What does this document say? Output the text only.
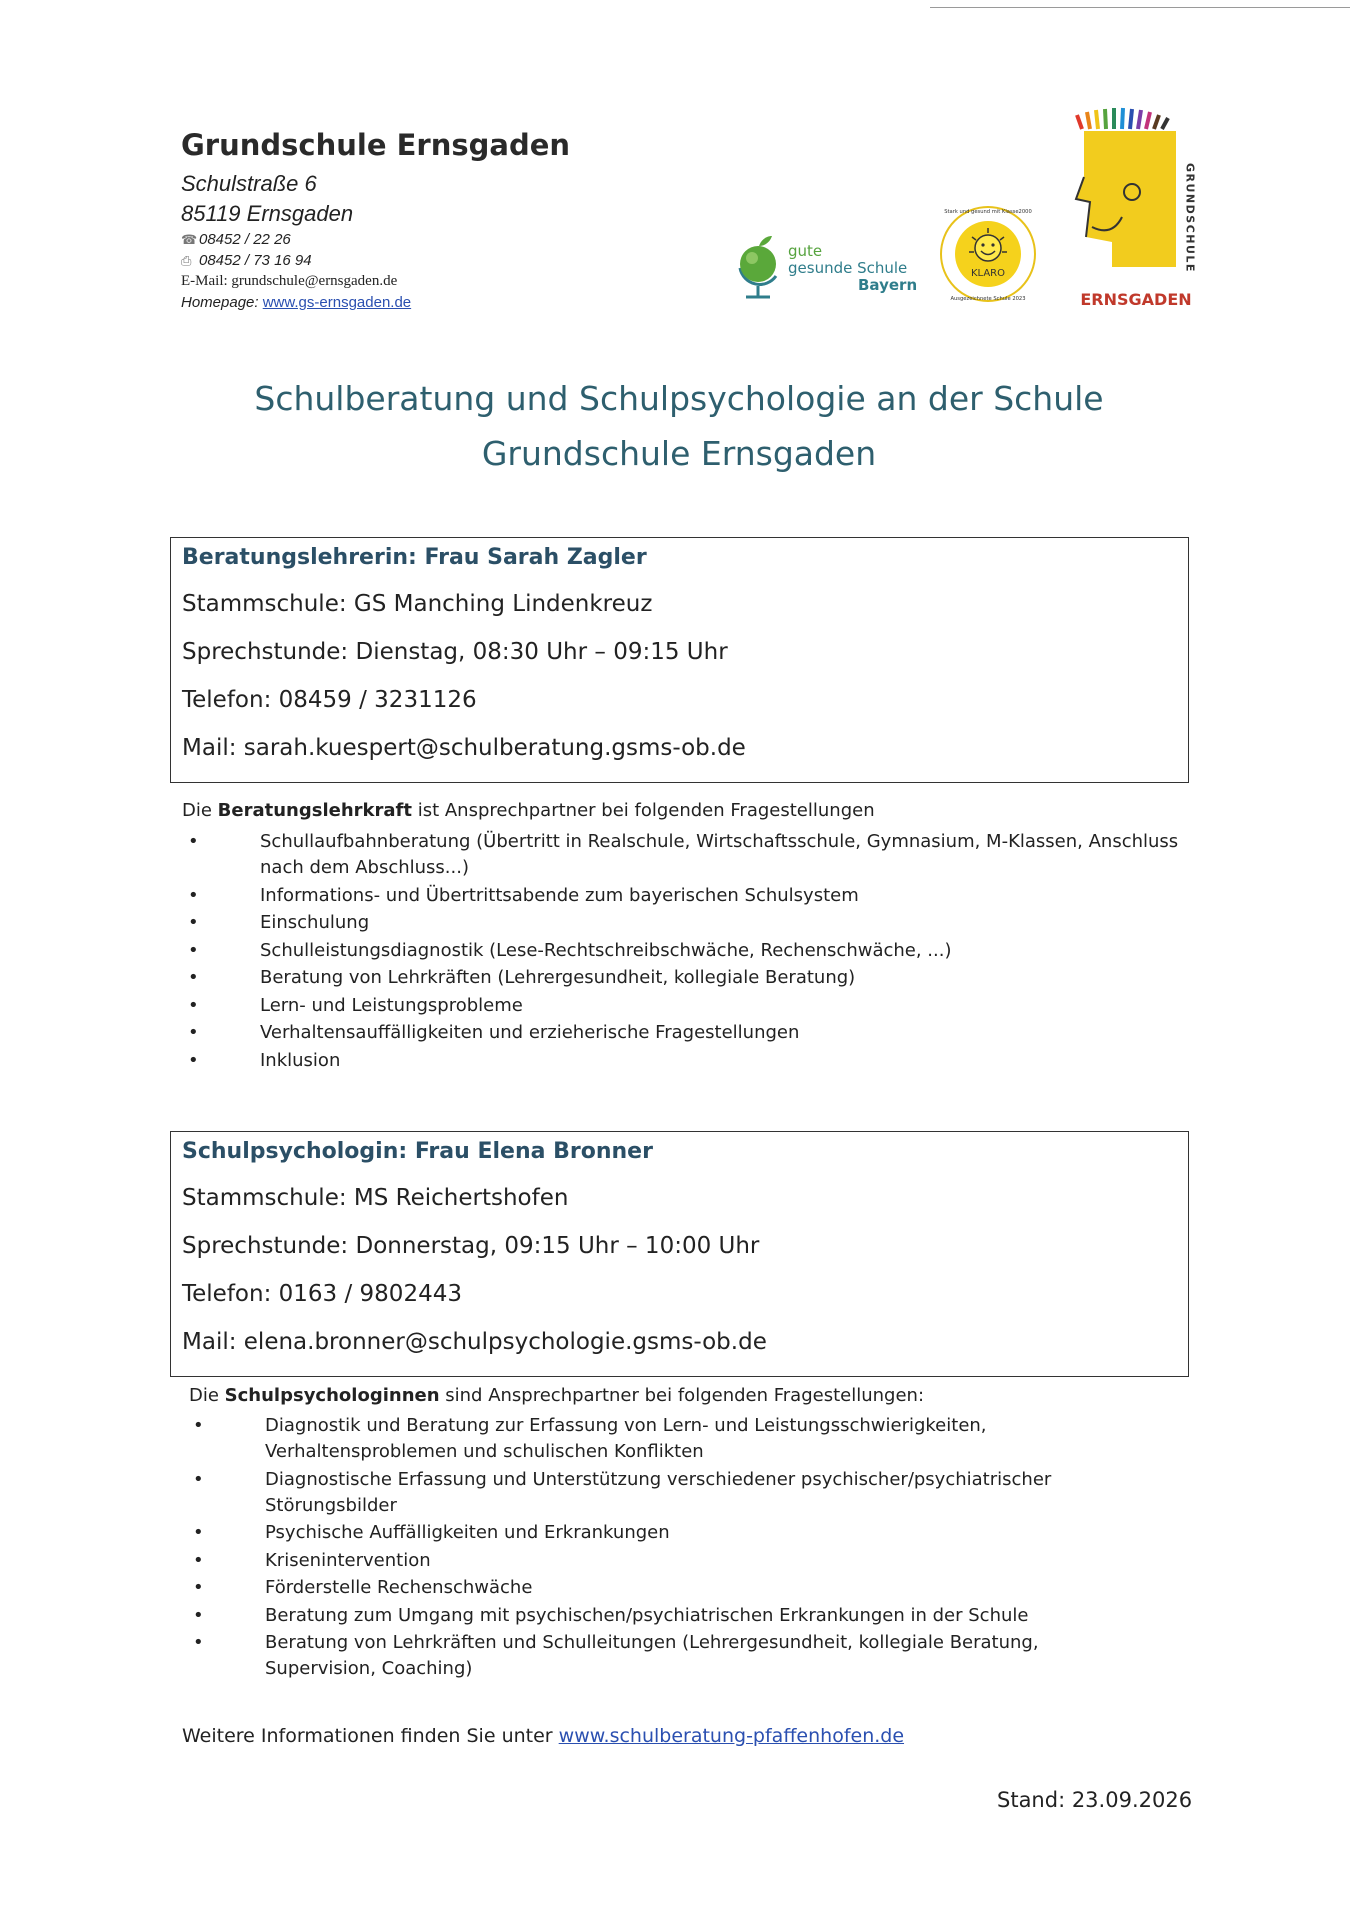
Grundschule Ernsgaden
Schulstraße 6
85119 Ernsgaden
☎ 08452 / 22 26
⎙ 08452 / 73 16 94
E-Mail: grundschule@ernsgaden.de
Homepage: www.gs-ernsgaden.de
gute
gesunde Schule
Bayern
KLARO
Stark und gesund mit Klasse2000
Ausgezeichnete Schule 2023
GRUNDSCHULE
ERNSGADEN
Schulberatung und Schulpsychologie an der Schule
Grundschule Ernsgaden
Beratungslehrerin: Frau Sarah Zagler
Stammschule: GS Manching Lindenkreuz
Sprechstunde: Dienstag, 08:30 Uhr – 09:15 Uhr
Telefon: 08459 / 3231126
Mail: sarah.kuespert@schulberatung.gsms-ob.de
Die Beratungslehrkraft ist Ansprechpartner bei folgenden Fragestellungen
• Schullaufbahnberatung (Übertritt in Realschule, Wirtschaftsschule, Gymnasium, M-Klassen, Anschluss nach dem Abschluss...)
• Informations- und Übertrittsabende zum bayerischen Schulsystem
• Einschulung
• Schulleistungsdiagnostik (Lese-Rechtschreibschwäche, Rechenschwäche, ...)
• Beratung von Lehrkräften (Lehrergesundheit, kollegiale Beratung)
• Lern- und Leistungsprobleme
• Verhaltensauffälligkeiten und erzieherische Fragestellungen
• Inklusion
Schulpsychologin: Frau Elena Bronner
Stammschule: MS Reichertshofen
Sprechstunde: Donnerstag, 09:15 Uhr – 10:00 Uhr
Telefon: 0163 / 9802443
Mail: elena.bronner@schulpsychologie.gsms-ob.de
Die Schulpsychologinnen sind Ansprechpartner bei folgenden Fragestellungen:
• Diagnostik und Beratung zur Erfassung von Lern- und Leistungsschwierigkeiten, Verhaltensproblemen und schulischen Konflikten
• Diagnostische Erfassung und Unterstützung verschiedener psychischer/psychiatrischer Störungsbilder
• Psychische Auffälligkeiten und Erkrankungen
• Krisenintervention
• Förderstelle Rechenschwäche
• Beratung zum Umgang mit psychischen/psychiatrischen Erkrankungen in der Schule
• Beratung von Lehrkräften und Schulleitungen (Lehrergesundheit, kollegiale Beratung, Supervision, Coaching)
Weitere Informationen finden Sie unter www.schulberatung-pfaffenhofen.de
Stand: 23.09.2026
